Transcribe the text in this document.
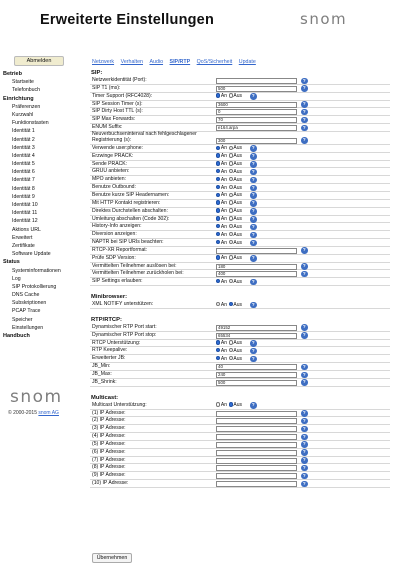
Erweiterte Einstellungen	snom
Abmelden
Betrieb
Startseite
Telefonbuch
Einrichtung
Präferenzen
Kurzwahl
Funktionstasten
Identität 1
Identität 2
Identität 3
Identität 4
Identität 5
Identität 6
Identität 7
Identität 8
Identität 9
Identität 10
Identität 11
Identität 12
Aktions URL
Erweitert
Zertifikate
Software Update
Status
Systeminformationen
Log
SIP Protokollierung
DNS Cache
Subskriptionen
PCAP Trace
Speicher
Einstellungen
Handbuch
snom
© 2000-2015 snom AG
Netzwerk Verhalten Audio SIP/RTP QoS/Sicherheit Update
SIP:
Netzwerkidentität (Port):	?
SIP T1 (ms):	500	?
Timer Support (RFC4028):	An Aus	?
SIP Session Timer (s):	3600	?
SIP Dirty Host TTL (s):	0	?
SIP Max Forwards:	70	?
ENUM Suffix:	e164.arpa	?
Neuverbuchseninterval nach fehlgeschlagener Registrierung (s):	300	?
Verwende user:phone:	An Aus	?
Erzwinge PRACK:	An Aus	?
Sende PRACK:	An Aus	?
GRUU anbieten:	An Aus	?
MPO anbieten:	An Aus	?
Benutze Outbound:	An Aus	?
Benutze kurze SIP Headernamen:	An Aus	?
Mit HTTP Kontakt registrieren:	An Aus	?
Direktes Durchstellen abschalten:	An Aus	?
Umleitung abschalten (Code 302):	An Aus	?
History-Info anzeigen:	An Aus	?
Diversion anzeigen:	An Aus	?
NAPTR bei SIP URIs beachten:	An Aus	?
RTCP-XR Reportformat:	?
Prüfe SDP Version:	An Aus	?
Vermittelten Teilnehmer auslösen bei:	180	?
Vermittelten Teilnehmer zurückholen bei:	400	?
SIP Settings erlauben:	An Aus	?
Minibrowser:
XML NOTIFY unterstützen:	An Aus	?
RTP/RTCP:
Dynamischer RTP Port start:	49152	?
Dynamischer RTP Port stop:	65534	?
RTCP Unterstützung:	An Aus	?
RTP Keepalive:	An Aus	?
Erweiterter JB:	An Aus	?
JB_Min:	40	?
JB_Max:	240	?
JB_Shrink:	500	?
Multicast:
Multicast Unterstützung:	An Aus	?
(1) IP Adresse:	?
(2) IP Adresse:	?
(3) IP Adresse:	?
(4) IP Adresse:	?
(5) IP Adresse:	?
(6) IP Adresse:	?
(7) IP Adresse:	?
(8) IP Adresse:	?
(9) IP Adresse:	?
(10) IP Adresse:	?
Übernehmen
